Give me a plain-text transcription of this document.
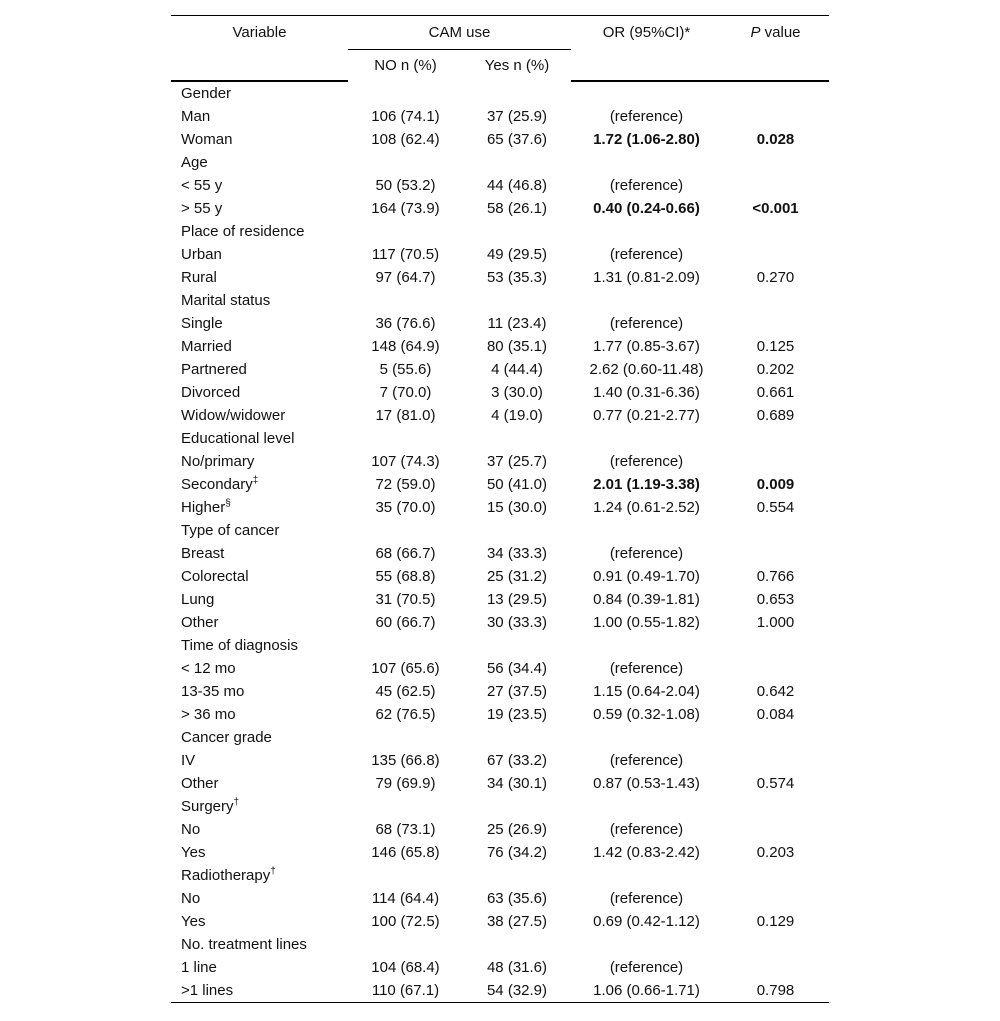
Variable	CAM use		OR (95%CI)*	P value
	NO n (%)	Yes n (%)		
Gender				
Man	106 (74.1)	37 (25.9)	(reference)	
Woman	108 (62.4)	65 (37.6)	1.72 (1.06-2.80)	0.028
Age				
< 55 y	50 (53.2)	44 (46.8)	(reference)	
> 55 y	164 (73.9)	58 (26.1)	0.40 (0.24-0.66)	<0.001
Place of residence				
Urban	117 (70.5)	49 (29.5)	(reference)	
Rural	97 (64.7)	53 (35.3)	1.31 (0.81-2.09)	0.270
Marital status				
Single	36 (76.6)	11 (23.4)	(reference)	
Married	148 (64.9)	80 (35.1)	1.77 (0.85-3.67)	0.125
Partnered	5 (55.6)	4 (44.4)	2.62 (0.60-11.48)	0.202
Divorced	7 (70.0)	3 (30.0)	1.40 (0.31-6.36)	0.661
Widow/widower	17 (81.0)	4 (19.0)	0.77 (0.21-2.77)	0.689
Educational level				
No/primary	107 (74.3)	37 (25.7)	(reference)	
Secondary‡	72 (59.0)	50 (41.0)	2.01 (1.19-3.38)	0.009
Higher§	35 (70.0)	15 (30.0)	1.24 (0.61-2.52)	0.554
Type of cancer				
Breast	68 (66.7)	34 (33.3)	(reference)	
Colorectal	55 (68.8)	25 (31.2)	0.91 (0.49-1.70)	0.766
Lung	31 (70.5)	13 (29.5)	0.84 (0.39-1.81)	0.653
Other	60 (66.7)	30 (33.3)	1.00 (0.55-1.82)	1.000
Time of diagnosis				
< 12 mo	107 (65.6)	56 (34.4)	(reference)	
13-35 mo	45 (62.5)	27 (37.5)	1.15 (0.64-2.04)	0.642
> 36 mo	62 (76.5)	19 (23.5)	0.59 (0.32-1.08)	0.084
Cancer grade				
IV	135 (66.8)	67 (33.2)	(reference)	
Other	79 (69.9)	34 (30.1)	0.87 (0.53-1.43)	0.574
Surgery†				
No	68 (73.1)	25 (26.9)	(reference)	
Yes	146 (65.8)	76 (34.2)	1.42 (0.83-2.42)	0.203
Radiotherapy†				
No	114 (64.4)	63 (35.6)	(reference)	
Yes	100 (72.5)	38 (27.5)	0.69 (0.42-1.12)	0.129
No. treatment lines				
1 line	104 (68.4)	48 (31.6)	(reference)	
>1 lines	110 (67.1)	54 (32.9)	1.06 (0.66-1.71)	0.798
